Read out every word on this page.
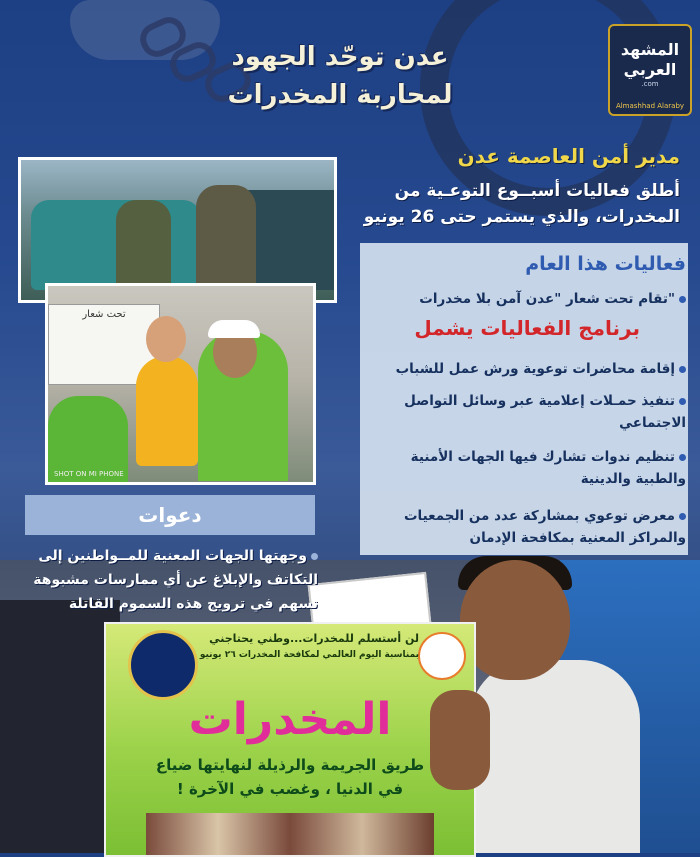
المشهد
العربي
.com
Almashhad Alaraby
عدن توحّد الجهود
لمحاربة المخدرات
مدير أمن العاصمة عدن
أطلق فعاليات أسبــوع التوعـية من المخدرات، والذي يستمر حتى 26 يونيو
تحت شعار
SHOT ON MI PHONE
فعاليات هذا العام
"تقام تحت شعار "عدن آمن بلا مخدرات
برنامج الفعاليات يشمل
إقامة محاضرات توعوية ورش عمل للشباب
تنفيذ حمـلات إعلامية عبر وسائل التواصل الاجتماعي
تنظيم ندوات تشارك فيها الجهات الأمنية والطبية والدينية
معرض توعوي بمشاركة عدد من الجمعيات والمراكز المعنية بمكافحة الإدمان
دعوات
وجهتها الجهات المعنية للمــواطنين إلى التكاتف والإبلاغ عن أي ممارسات مشبوهة تسهم في ترويج هذه السموم القاتلة
لن أستسلم للمخدرات...وطني يحتاجني
بمناسبة اليوم العالمي لمكافحة المخدرات ٢٦ يونيو
المخدرات
طريق الجريمة والرذيلة لنهايتها ضياع
في الدنيا ، وغضب في الآخرة !
